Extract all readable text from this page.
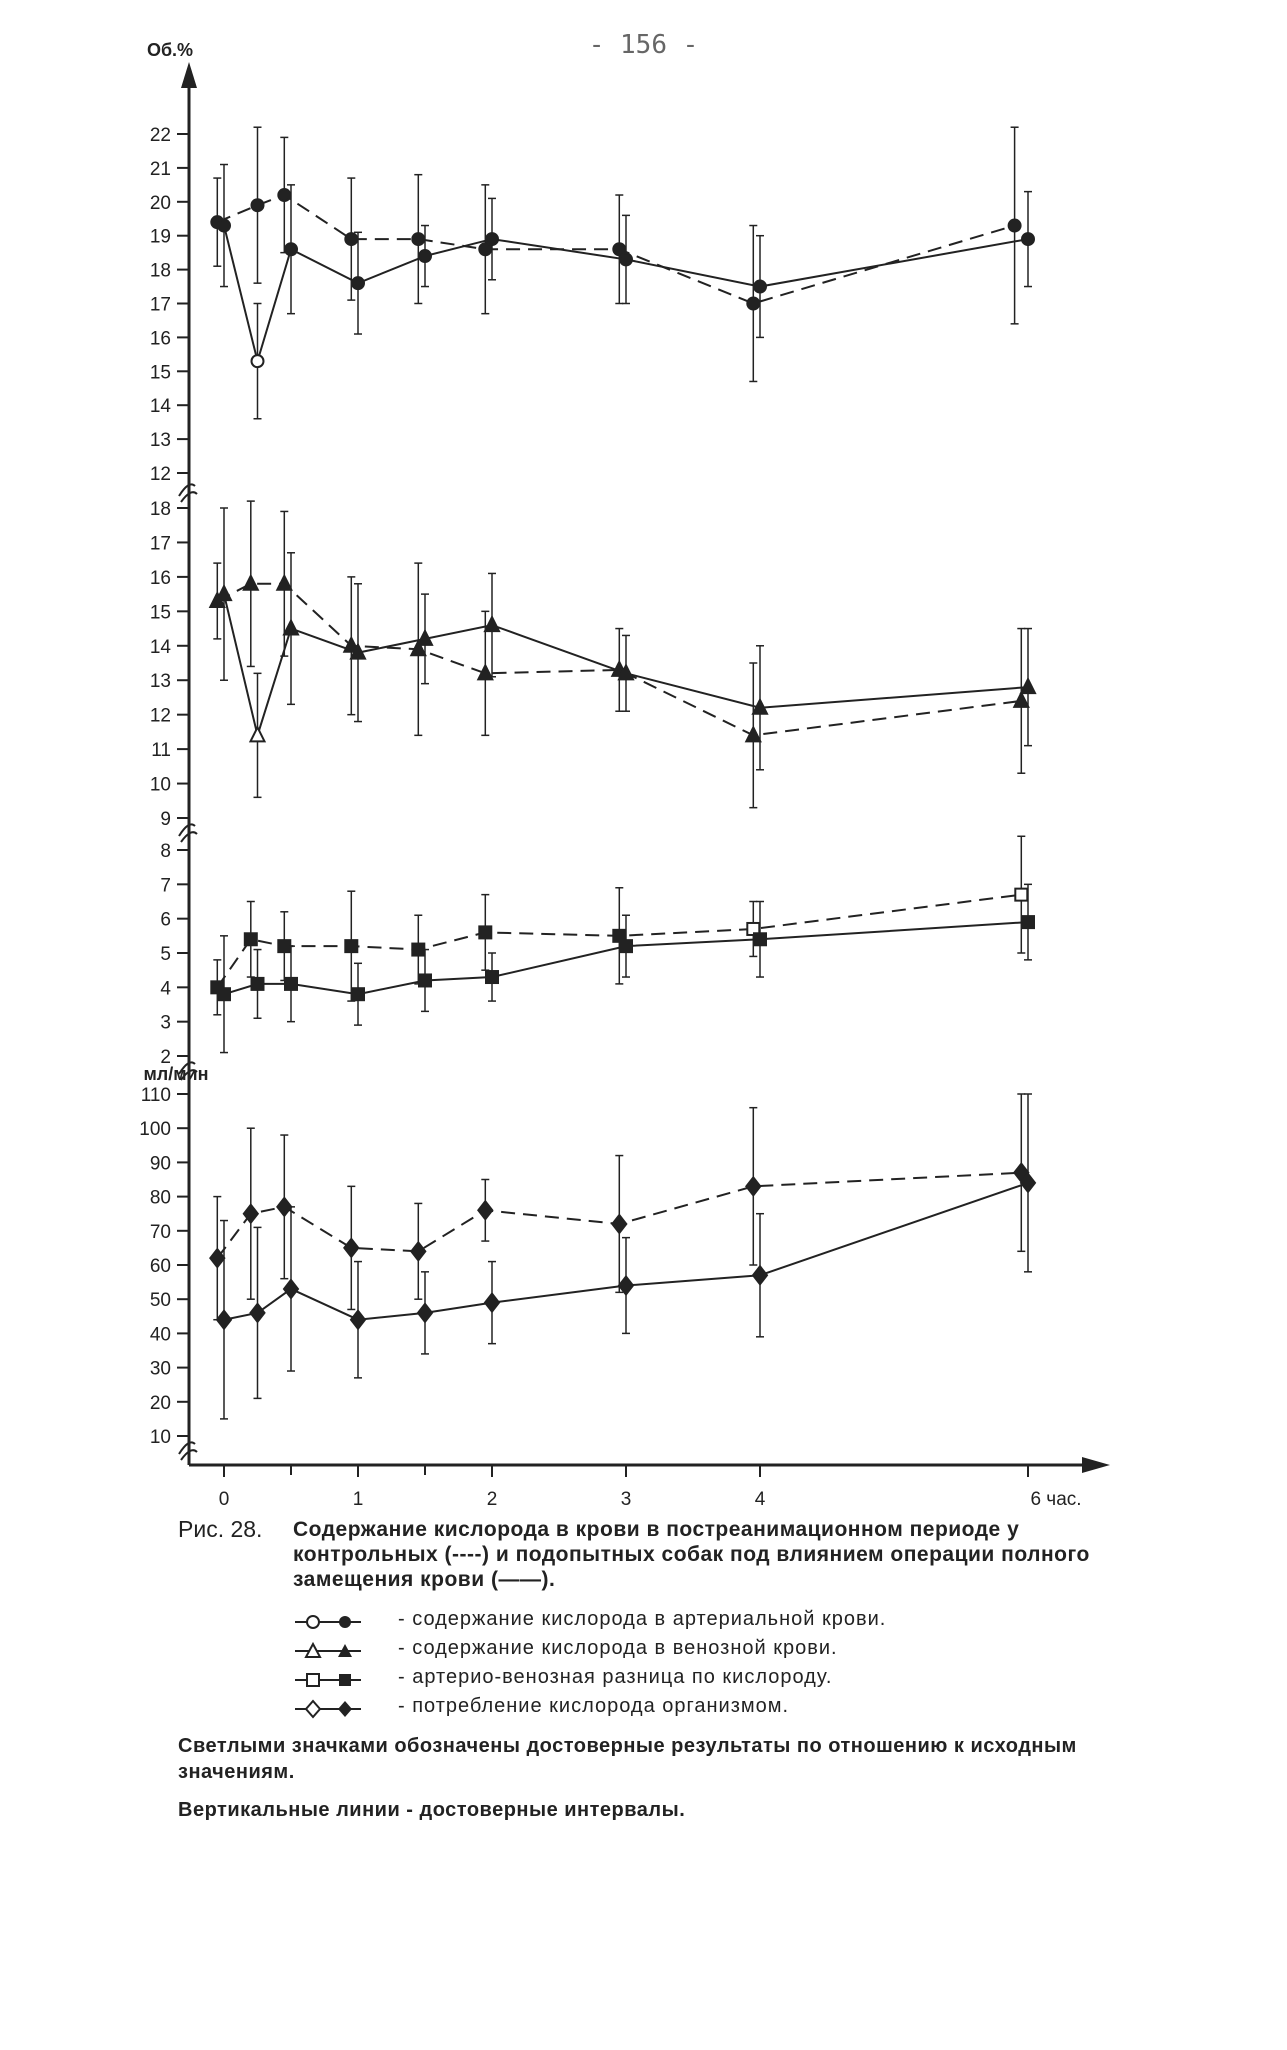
- 156 -
0	1	2	3	4	6 час.
12
13
14
15
16
17
18
19
20
21
22
Об.%
9
10
11
12
13
14
15
16
17
18
2
3
4
5
6
7
8
10
20
30
40
50
60
70
80
90
100
110
мл/мин
Рис. 28. Содержание кислорода в крови в постреанимационном периоде у контрольных (----) и подопытных собак под влиянием операции полного замещения крови (——).
- содержание кислорода в артериальной крови.
- содержание кислорода в венозной крови.
- артерио-венозная разница по кислороду.
- потребление кислорода организмом.
Светлыми значками обозначены достоверные результаты по отношению к исходным значениям.
Вертикальные линии - достоверные интервалы.
